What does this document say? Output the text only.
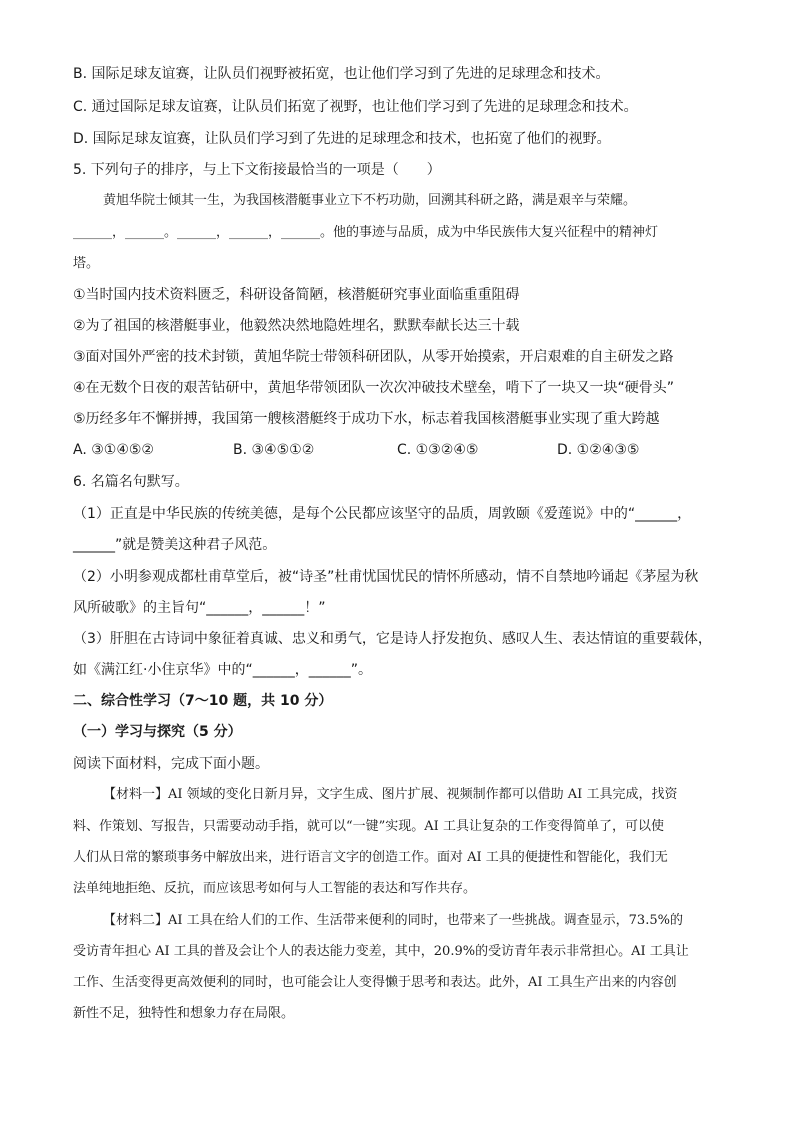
B. 国际足球友谊赛，让队员们视野被拓宽，也让他们学习到了先进的足球理念和技术。
C. 通过国际足球友谊赛，让队员们拓宽了视野，也让他们学习到了先进的足球理念和技术。
D. 国际足球友谊赛，让队员们学习到了先进的足球理念和技术，也拓宽了他们的视野。
5. 下列句子的排序，与上下文衔接最恰当的一项是（　　）
黄旭华院士倾其一生，为我国核潜艇事业立下不朽功勋，回溯其科研之路，满是艰辛与荣耀。
______，______。______，______，______。他的事迹与品质，成为中华民族伟大复兴征程中的精神灯
塔。
①当时国内技术资料匮乏，科研设备简陋，核潜艇研究事业面临重重阻碍
②为了祖国的核潜艇事业，他毅然决然地隐姓埋名，默默奉献长达三十载
③面对国外严密的技术封锁，黄旭华院士带领科研团队，从零开始摸索，开启艰难的自主研发之路
④在无数个日夜的艰苦钻研中，黄旭华带领团队一次次冲破技术壁垒，啃下了一块又一块“硬骨头”
⑤历经多年不懈拼搏，我国第一艘核潜艇终于成功下水，标志着我国核潜艇事业实现了重大跨越
A. ③①④⑤②	B. ③④⑤①②	C. ①③②④⑤	D. ①②④③⑤
6. 名篇名句默写。
（1）正直是中华民族的传统美德，是每个公民都应该坚守的品质，周敦颐《爱莲说》中的“______，
______”就是赞美这种君子风范。
（2）小明参观成都杜甫草堂后，被“诗圣”杜甫忧国忧民的情怀所感动，情不自禁地吟诵起《茅屋为秋
风所破歌》的主旨句“______，______！”
（3）肝胆在古诗词中象征着真诚、忠义和勇气，它是诗人抒发抱负、感叹人生、表达情谊的重要载体，
如《满江红·小住京华》中的“______，______”。
二、综合性学习（7～10 题，共 10 分）
（一）学习与探究（5 分）
阅读下面材料，完成下面小题。
【材料一】AI 领域的变化日新月异，文字生成、图片扩展、视频制作都可以借助 AI 工具完成，找资
料、作策划、写报告，只需要动动手指，就可以“一键”实现。AI 工具让复杂的工作变得简单了，可以使
人们从日常的繁琐事务中解放出来，进行语言文字的创造工作。面对 AI 工具的便捷性和智能化，我们无
法单纯地拒绝、反抗，而应该思考如何与人工智能的表达和写作共存。
【材料二】AI 工具在给人们的工作、生活带来便利的同时，也带来了一些挑战。调查显示，73.5%的
受访青年担心 AI 工具的普及会让个人的表达能力变差，其中，20.9%的受访青年表示非常担心。AI 工具让
工作、生活变得更高效便利的同时，也可能会让人变得懒于思考和表达。此外，AI 工具生产出来的内容创
新性不足，独特性和想象力存在局限。
